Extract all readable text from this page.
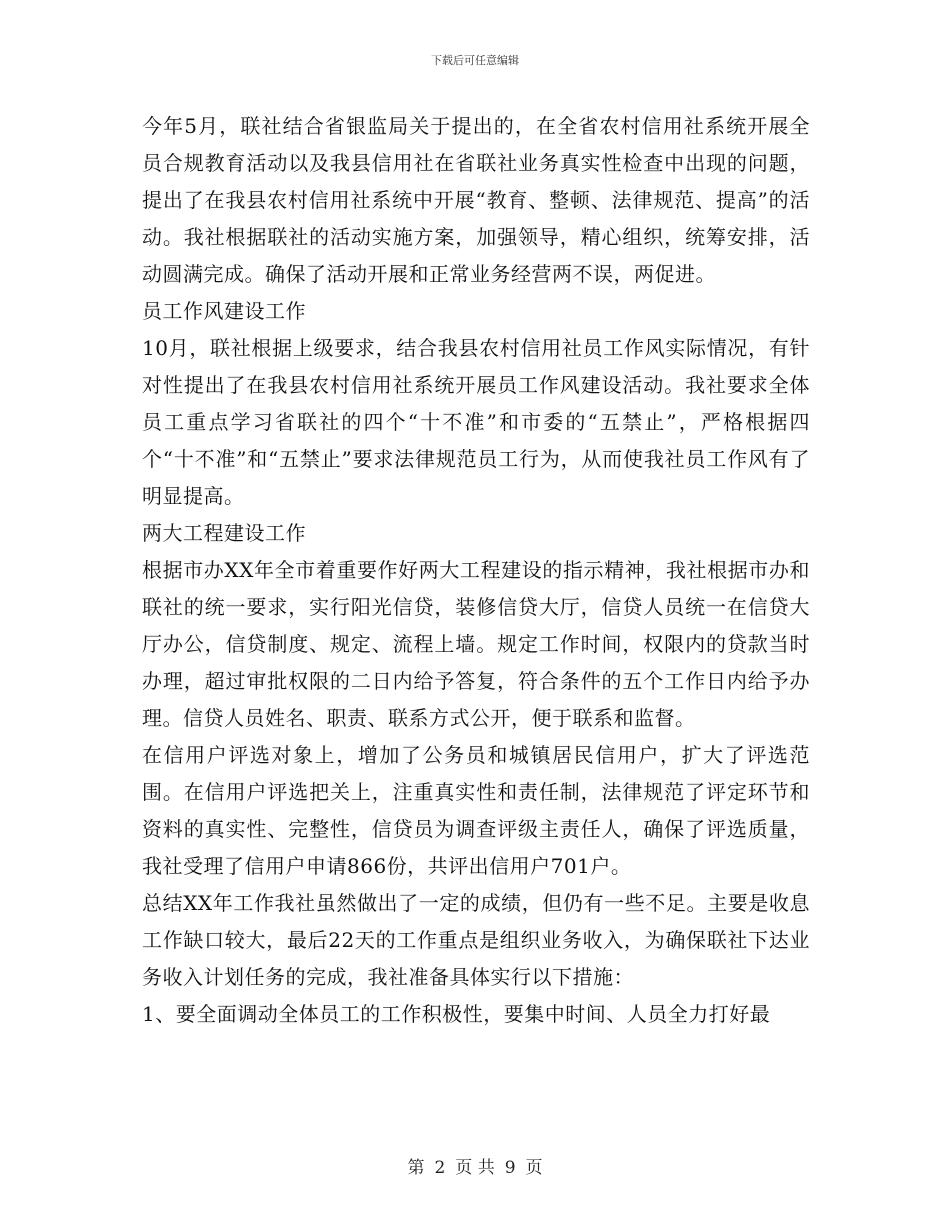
下载后可任意编辑

今年5月，联社结合省银监局关于提出的，在全省农村信用社系统开展全员合规教育活动以及我县信用社在省联社业务真实性检查中出现的问题，提出了在我县农村信用社系统中开展“教育、整顿、法律规范、提高”的活动。我社根据联社的活动实施方案，加强领导，精心组织，统筹安排，活动圆满完成。确保了活动开展和正常业务经营两不误，两促进。

员工作风建设工作

10月，联社根据上级要求，结合我县农村信用社员工作风实际情况，有针对性提出了在我县农村信用社系统开展员工作风建设活动。我社要求全体员工重点学习省联社的四个“十不准”和市委的“五禁止”，严格根据四个“十不准”和“五禁止”要求法律规范员工行为，从而使我社员工作风有了明显提高。

两大工程建设工作

根据市办XX年全市着重要作好两大工程建设的指示精神，我社根据市办和联社的统一要求，实行阳光信贷，装修信贷大厅，信贷人员统一在信贷大厅办公，信贷制度、规定、流程上墙。规定工作时间，权限内的贷款当时办理，超过审批权限的二日内给予答复，符合条件的五个工作日内给予办理。信贷人员姓名、职责、联系方式公开，便于联系和监督。

在信用户评选对象上，增加了公务员和城镇居民信用户，扩大了评选范围。在信用户评选把关上，注重真实性和责任制，法律规范了评定环节和资料的真实性、完整性，信贷员为调查评级主责任人，确保了评选质量，我社受理了信用户申请866份，共评出信用户701户。

总结XX年工作我社虽然做出了一定的成绩，但仍有一些不足。主要是收息工作缺口较大，最后22天的工作重点是组织业务收入，为确保联社下达业务收入计划任务的完成，我社准备具体实行以下措施：

1、要全面调动全体员工的工作积极性，要集中时间、人员全力打好最

第 2 页 共 9 页
